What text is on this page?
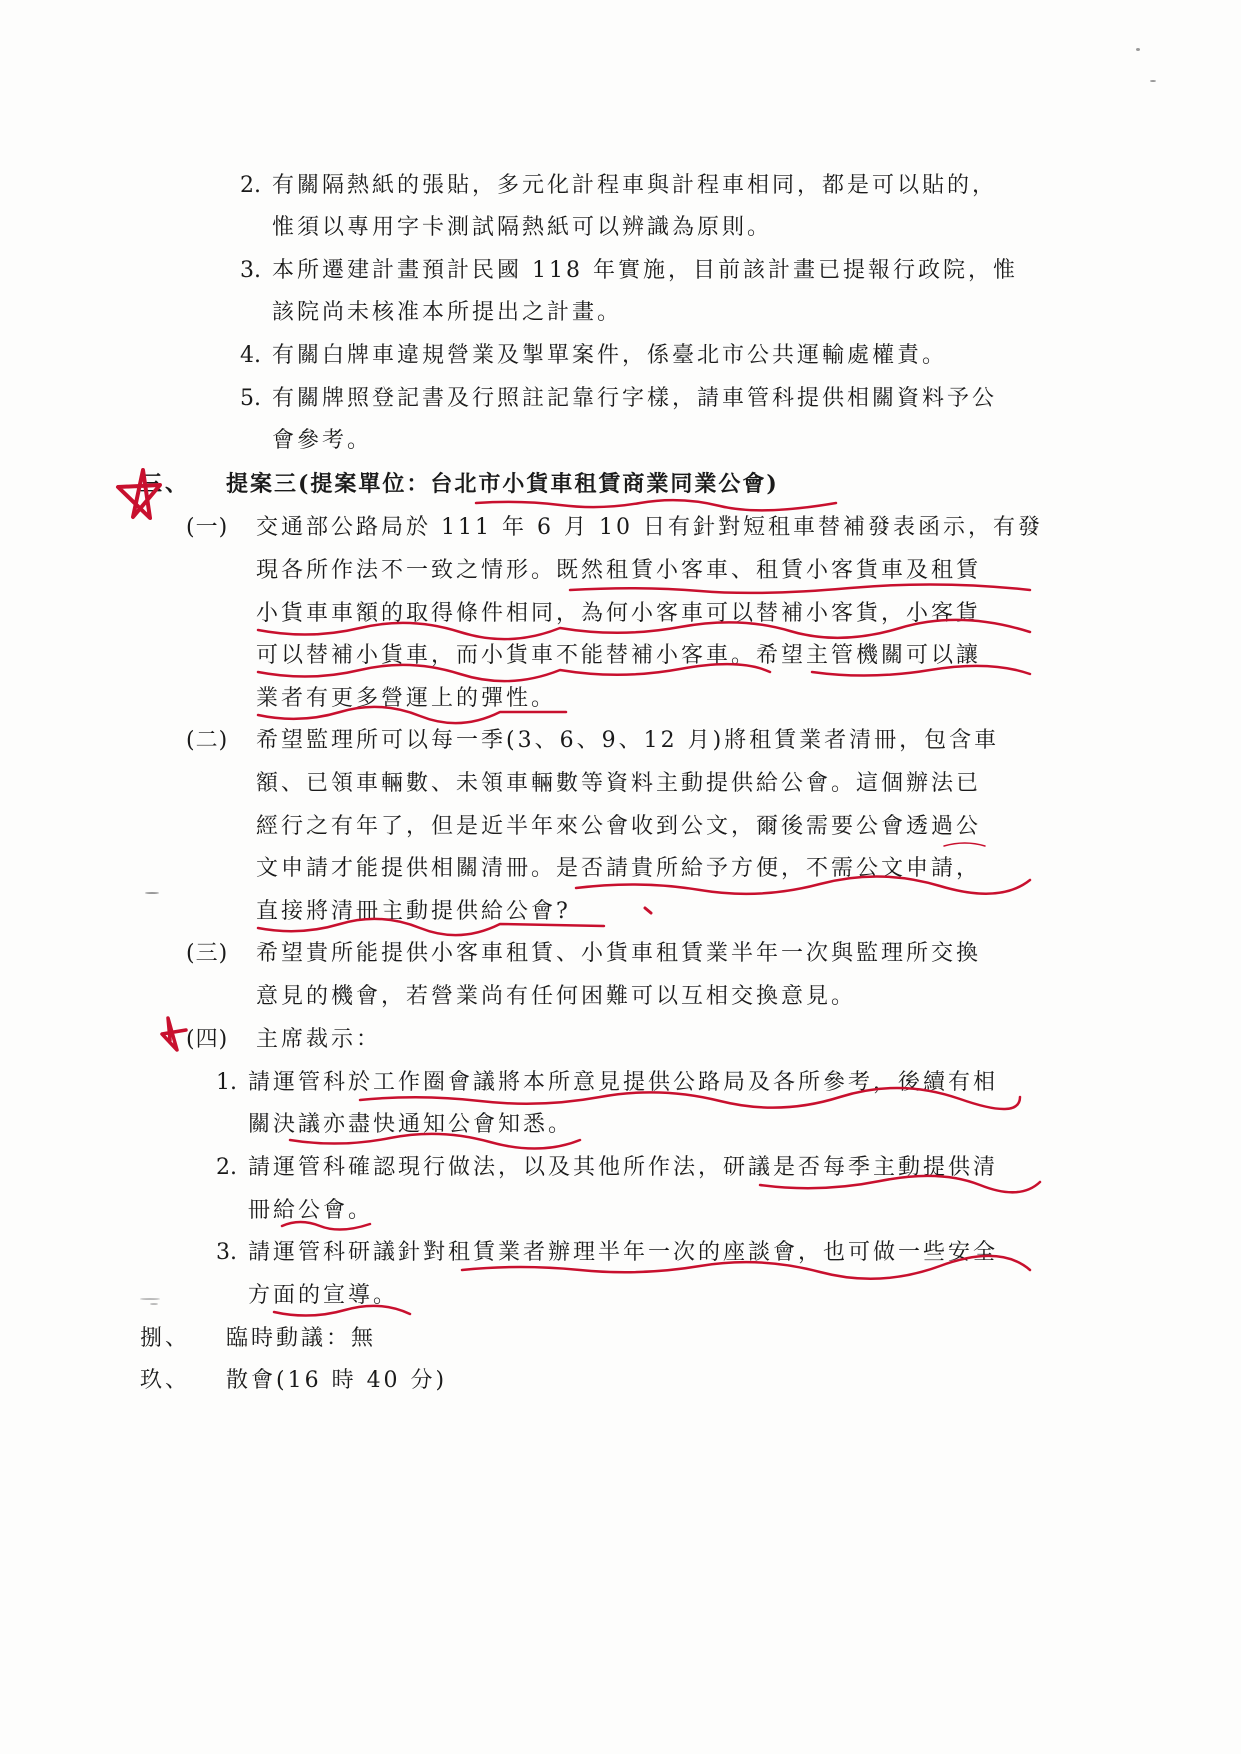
2. 有關隔熱紙的張貼，多元化計程車與計程車相同，都是可以貼的，
惟須以專用字卡測試隔熱紙可以辨識為原則。
3. 本所遷建計畫預計民國 118 年實施，目前該計畫已提報行政院，惟
該院尚未核准本所提出之計畫。
4. 有關白牌車違規營業及掣單案件，係臺北市公共運輸處權責。
5. 有關牌照登記書及行照註記靠行字樣，請車管科提供相關資料予公
會參考。
三、 提案三(提案單位：台北市小貨車租賃商業同業公會)
(一) 交通部公路局於 111 年 6 月 10 日有針對短租車替補發表函示，有發
現各所作法不一致之情形。既然租賃小客車、租賃小客貨車及租賃
小貨車車額的取得條件相同，為何小客車可以替補小客貨，小客貨
可以替補小貨車，而小貨車不能替補小客車。希望主管機關可以讓
業者有更多營運上的彈性。
(二) 希望監理所可以每一季(3、6、9、12 月)將租賃業者清冊，包含車
額、已領車輛數、未領車輛數等資料主動提供給公會。這個辦法已
經行之有年了，但是近半年來公會收到公文，爾後需要公會透過公
文申請才能提供相關清冊。是否請貴所給予方便，不需公文申請，
直接將清冊主動提供給公會?
(三) 希望貴所能提供小客車租賃、小貨車租賃業半年一次與監理所交換
意見的機會，若營業尚有任何困難可以互相交換意見。
(四) 主席裁示：
1. 請運管科於工作圈會議將本所意見提供公路局及各所參考，後續有相
關決議亦盡快通知公會知悉。
2. 請運管科確認現行做法，以及其他所作法，研議是否每季主動提供清
冊給公會。
3. 請運管科研議針對租賃業者辦理半年一次的座談會，也可做一些安全
方面的宣導。
捌、 臨時動議：無
玖、 散會(16 時 40 分)
